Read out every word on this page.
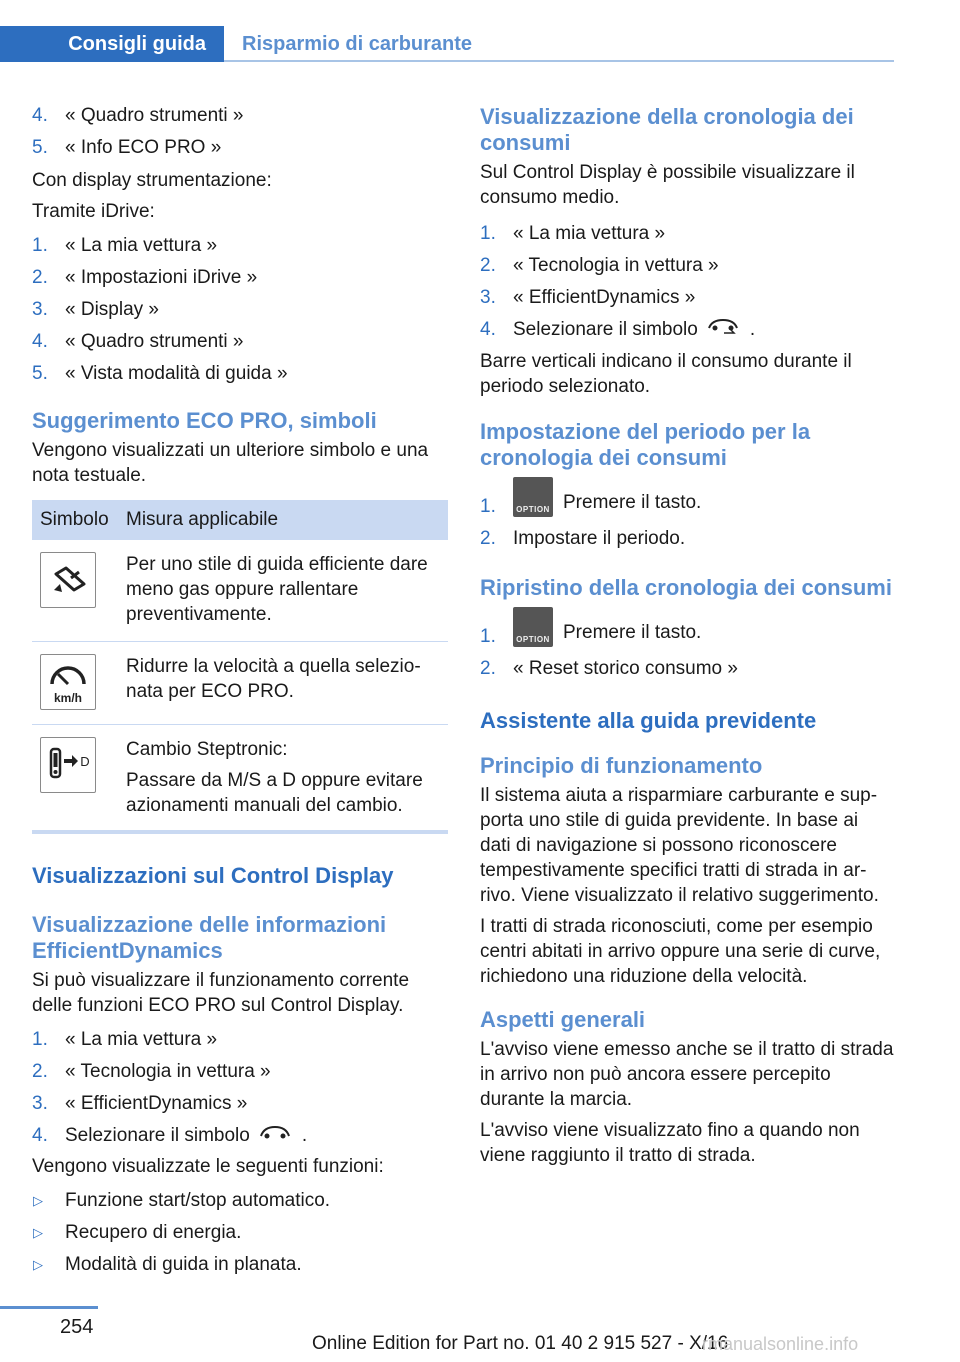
Consigli guida	Risparmio di carburante
4. « Quadro strumenti »
5. « Info ECO PRO »

Con display strumentazione:

Tramite iDrive:

1. « La mia vettura »
2. « Impostazioni iDrive »
3. « Display »
4. « Quadro strumenti »
5. « Vista modalità di guida »
Suggerimento ECO PRO, simboli

Vengono visualizzati un ulteriore simbolo e una nota testuale.

Simbolo	Misura applicabile

	Per uno stile di guida efficiente dare meno gas oppure rallentare preventivamente.

km/h	Ridurre la velocità a quella selezionata per ECO PRO.

D	Cambio Steptronic:
Passare da M/S a D oppure evitare azionamenti manuali del cambio.
Visualizzazioni sul Control Display
Visualizzazione delle informazioni EfficientDynamics

Si può visualizzare il funzionamento corrente delle funzioni ECO PRO sul Control Display.

1. « La mia vettura »
2. « Tecnologia in vettura »
3. « EfficientDynamics »
4. Selezionare il simbolo	.

Vengono visualizzate le seguenti funzioni:

▷ Funzione start/stop automatico.
▷ Recupero di energia.
▷ Modalità di guida in planata.
Visualizzazione della cronologia dei consumi

Sul Control Display è possibile visualizzare il consumo medio.

1. « La mia vettura »
2. « Tecnologia in vettura »
3. « EfficientDynamics »
4. Selezionare il simbolo	.

Barre verticali indicano il consumo durante il periodo selezionato.

Impostazione del periodo per la cronologia dei consumi
1.	OPTION Premere il tasto.
2. Impostare il periodo.
Ripristino della cronologia dei consumi
1.	OPTION Premere il tasto.
2. « Reset storico consumo »
Assistente alla guida previdente
Principio di funzionamento

Il sistema aiuta a risparmiare carburante e supporta uno stile di guida previdente. In base ai dati di navigazione si possono riconoscere tempestivamente specifici tratti di strada in arrivo. Viene visualizzato il relativo suggerimento.

I tratti di strada riconosciuti, come per esempio centri abitati in arrivo oppure una serie di curve, richiedono una riduzione della velocità.

Aspetti generali

L'avviso viene emesso anche se il tratto di strada in arrivo non può ancora essere percepito durante la marcia.

L'avviso viene visualizzato fino a quando non viene raggiunto il tratto di strada.

254
Online Edition for Part no. 01 40 2 915 527 - X/16
rmanualsonline.info
